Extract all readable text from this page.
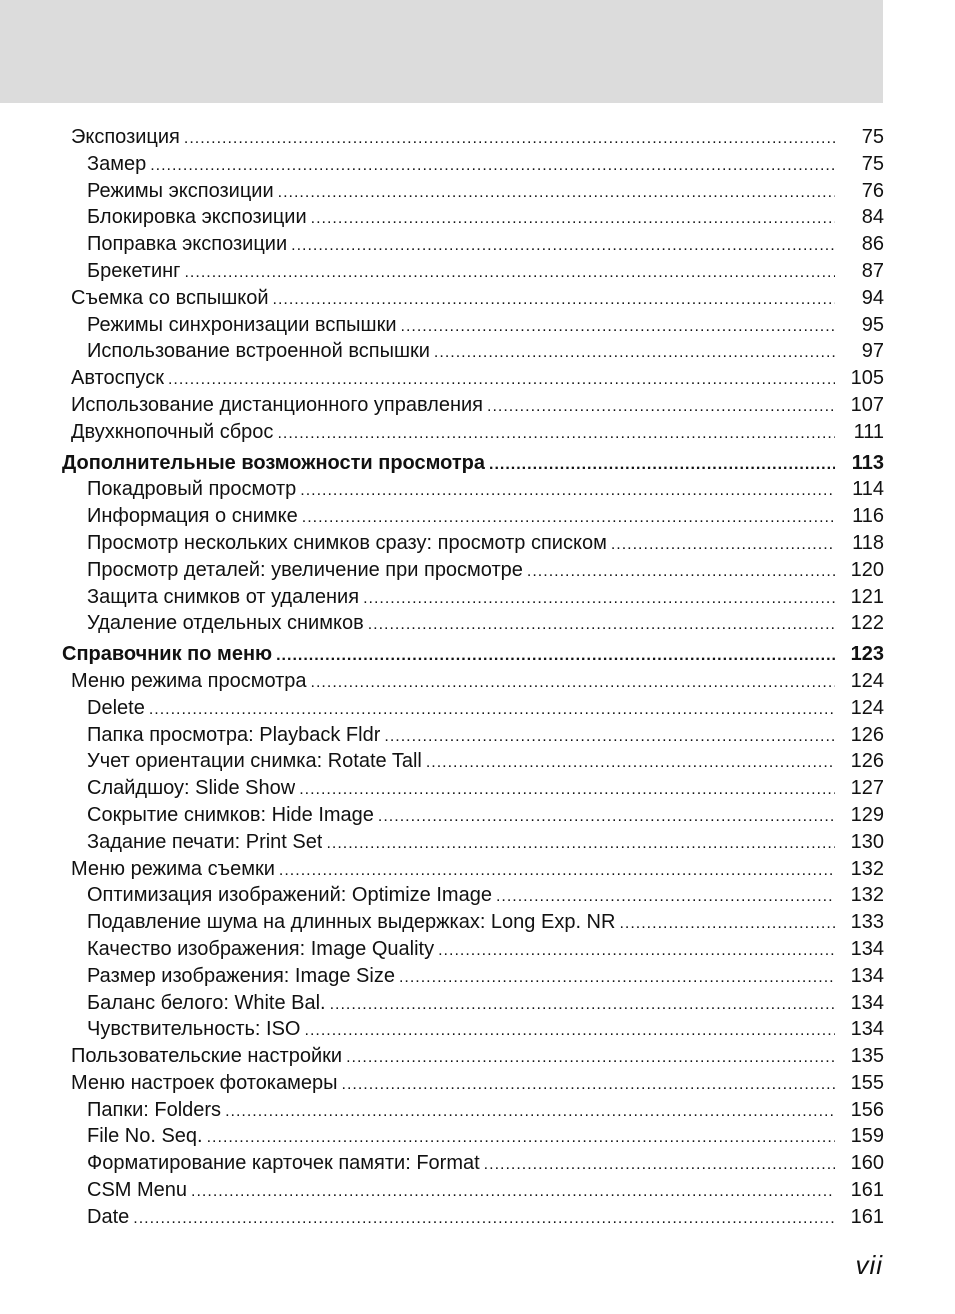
Экспозиция .....	75
Замер .....	75
Режимы экспозиции .....	76
Блокировка экспозиции .....	84
Поправка экспозиции .....	86
Брекетинг .....	87
Съемка со вспышкой .....	94
Режимы синхронизации вспышки .....	95
Использование встроенной вспышки .....	97
Автоспуск .....	105
Использование дистанционного управления .....	107
Двухкнопочный сброс .....	111
Дополнительные возможности просмотра .....	113
Покадровый просмотр .....	114
Информация о снимке .....	116
Просмотр нескольких снимков сразу: просмотр списком .....	118
Просмотр деталей: увеличение при просмотре .....	120
Защита снимков от удаления .....	121
Удаление отдельных снимков .....	122
Справочник по меню .....	123
Меню режима просмотра .....	124
Delete .....	124
Папка просмотра: Playback Fldr .....	126
Учет ориентации снимка: Rotate Tall .....	126
Слайдшоу: Slide Show .....	127
Сокрытие снимков: Hide Image .....	129
Задание печати: Print Set .....	130
Меню режима съемки .....	132
Оптимизация изображений: Optimize Image .....	132
Подавление шума на длинных выдержках: Long Exp. NR .....	133
Качество изображения: Image Quality .....	134
Размер изображения: Image Size .....	134
Баланс белого: White Bal. .....	134
Чувствительность: ISO .....	134
Пользовательские настройки .....	135
Меню настроек фотокамеры .....	155
Папки: Folders .....	156
File No. Seq. .....	159
Форматирование карточек памяти: Format .....	160
CSM Menu .....	161
Date .....	161
vii
